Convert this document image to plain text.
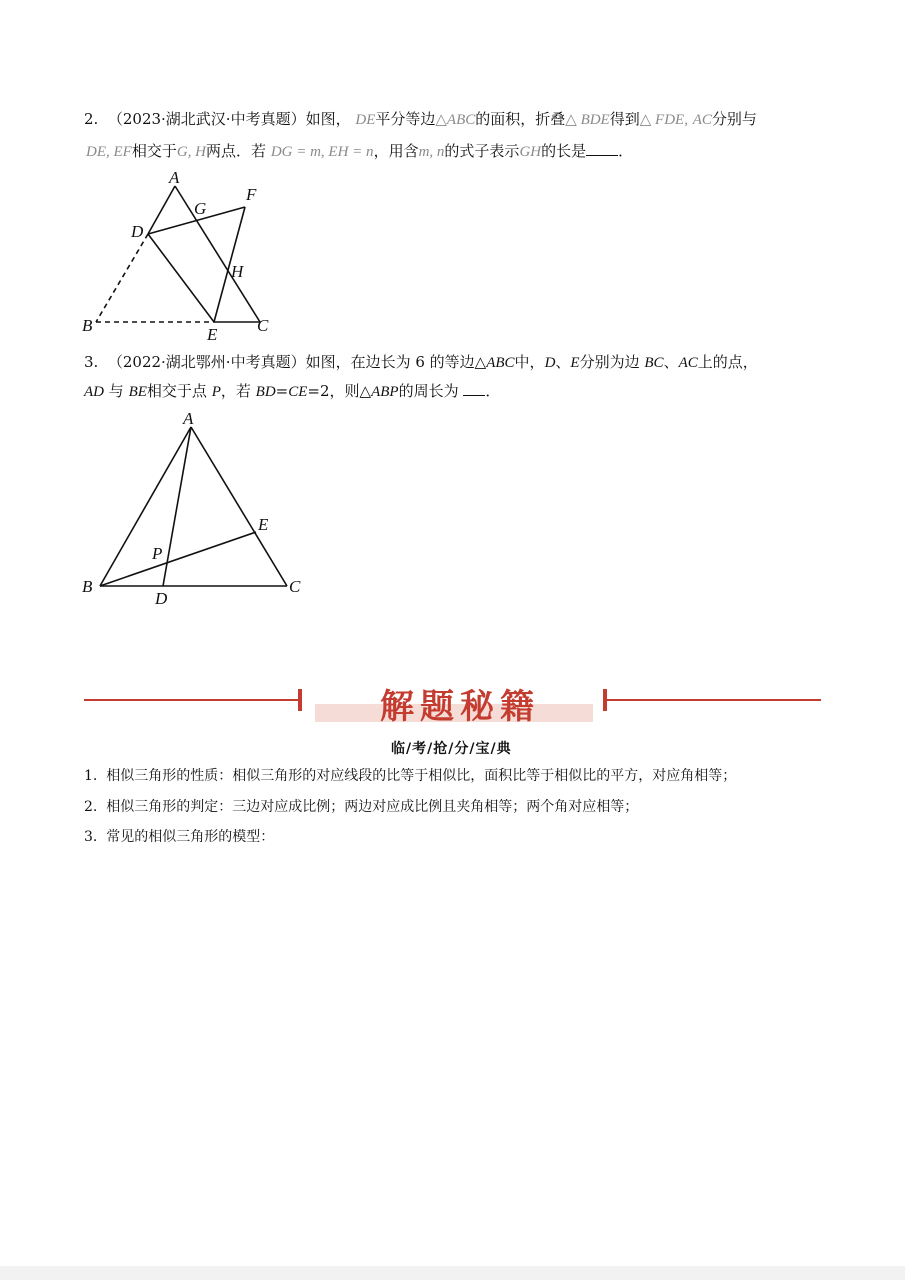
2. （2023·湖北武汉·中考真题）如图， DE平分等边△ABC的面积，折叠△ BDE得到△ FDE, AC分别与
DE, EF相交于G, H两点．若 DG = m, EH = n，用含m, n的式子表示GH的长是 ．
A
G
F
D
H
B	E C
3. （2022·湖北鄂州·中考真题）如图，在边长为 6 的等边△ABC中，D、E分别为边 BC、AC上的点，
AD 与 BE相交于点 P，若 BD=CE=2，则△ABP的周长为 ．
A
E
P
B
D
C
解题秘籍
临/考/抢/分/宝/典
1. 相似三角形的性质：相似三角形的对应线段的比等于相似比，面积比等于相似比的平方，对应角相等；
2. 相似三角形的判定：三边对应成比例；两边对应成比例且夹角相等；两个角对应相等；
3. 常见的相似三角形的模型：
